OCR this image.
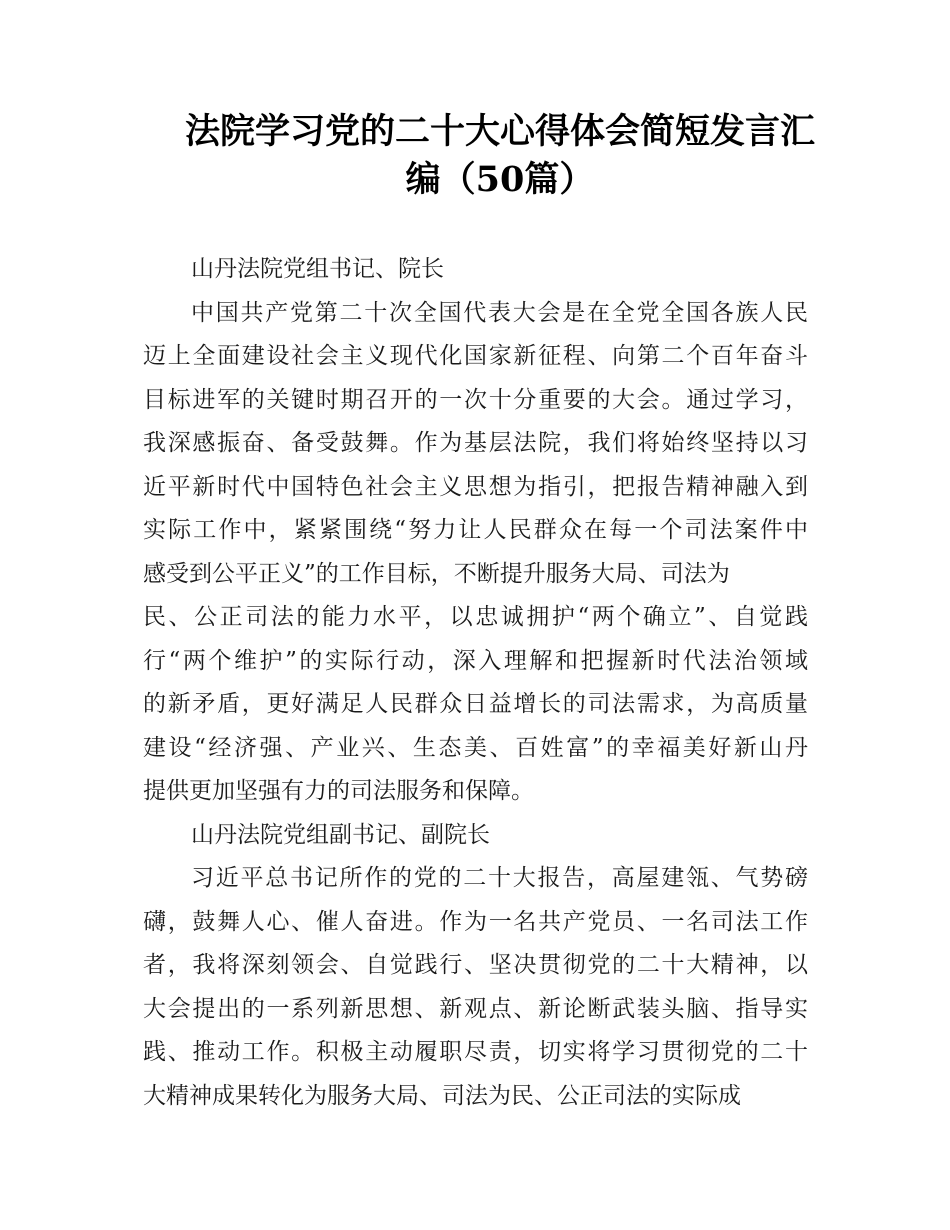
法院学习党的二十大心得体会简短发言汇
编（50篇）
山丹法院党组书记、院长
中国共产党第二十次全国代表大会是在全党全国各族人民
迈上全面建设社会主义现代化国家新征程、向第二个百年奋斗
目标进军的关键时期召开的一次十分重要的大会。通过学习，
我深感振奋、备受鼓舞。作为基层法院，我们将始终坚持以习
近平新时代中国特色社会主义思想为指引，把报告精神融入到
实际工作中，紧紧围绕“努力让人民群众在每一个司法案件中
感受到公平正义”的工作目标，不断提升服务大局、司法为
民、公正司法的能力水平，以忠诚拥护“两个确立”、自觉践
行“两个维护”的实际行动，深入理解和把握新时代法治领域
的新矛盾，更好满足人民群众日益增长的司法需求，为高质量
建设“经济强、产业兴、生态美、百姓富”的幸福美好新山丹
提供更加坚强有力的司法服务和保障。
山丹法院党组副书记、副院长
习近平总书记所作的党的二十大报告，高屋建瓴、气势磅
礴，鼓舞人心、催人奋进。作为一名共产党员、一名司法工作
者，我将深刻领会、自觉践行、坚决贯彻党的二十大精神，以
大会提出的一系列新思想、新观点、新论断武装头脑、指导实
践、推动工作。积极主动履职尽责，切实将学习贯彻党的二十
大精神成果转化为服务大局、司法为民、公正司法的实际成
